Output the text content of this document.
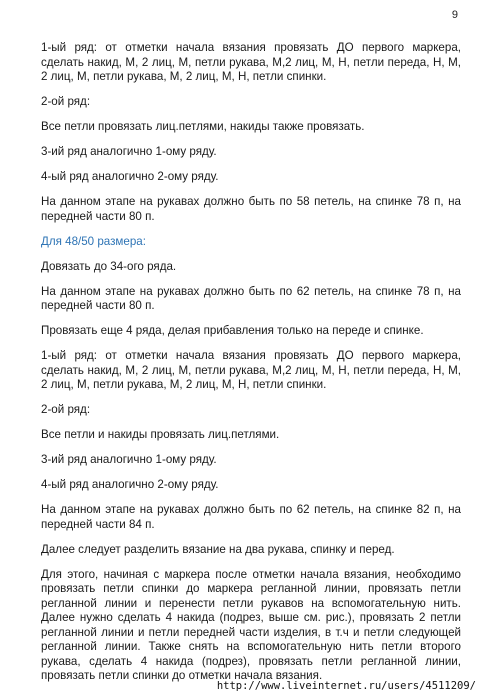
9

1-ый ряд: от отметки начала вязания провязать ДО первого маркера, сделать накид, М, 2 лиц, М, петли рукава, М,2 лиц, М, Н, петли переда, Н, М, 2 лиц, М, петли рукава, М, 2 лиц, М, Н, петли спинки.

2-ой ряд:

Все петли провязать лиц.петлями, накиды также провязать.

3-ий ряд аналогично 1-ому ряду.

4-ый ряд аналогично 2-ому ряду.

На данном этапе на рукавах должно быть по 58 петель, на спинке 78 п, на передней части 80 п.

Для 48/50 размера:

Довязать до 34-ого ряда.

На данном этапе на рукавах должно быть по 62 петель, на спинке 78 п, на передней части 80 п.

Провязать еще 4 ряда, делая прибавления только на переде и спинке.

1-ый ряд: от отметки начала вязания провязать ДО первого маркера, сделать накид, М, 2 лиц, М, петли рукава, М,2 лиц, М, Н, петли переда, Н, М, 2 лиц, М, петли рукава, М, 2 лиц, М, Н, петли спинки.

2-ой ряд:

Все петли и накиды провязать лиц.петлями.

3-ий ряд аналогично 1-ому ряду.

4-ый ряд аналогично 2-ому ряду.

На данном этапе на рукавах должно быть по 62 петель, на спинке 82 п, на передней части 84 п.

Далее следует разделить вязание на два рукава, спинку и перед.

Для этого, начиная с маркера после отметки начала вязания, необходимо провязать петли спинки до маркера регланной линии, провязать петли регланной линии и перенести петли рукавов на вспомогательную нить. Далее нужно сделать 4 накида (подрез, выше см. рис.), провязать 2 петли регланной линии и петли передней части изделия, в т.ч и петли следующей регланной линии. Также снять на вспомогательную нить петли второго рукава, сделать 4 накида (подрез), провязать петли регланной линии, провязать петли спинки до отметки начала вязания.

http://www.liveinternet.ru/users/4511209/
